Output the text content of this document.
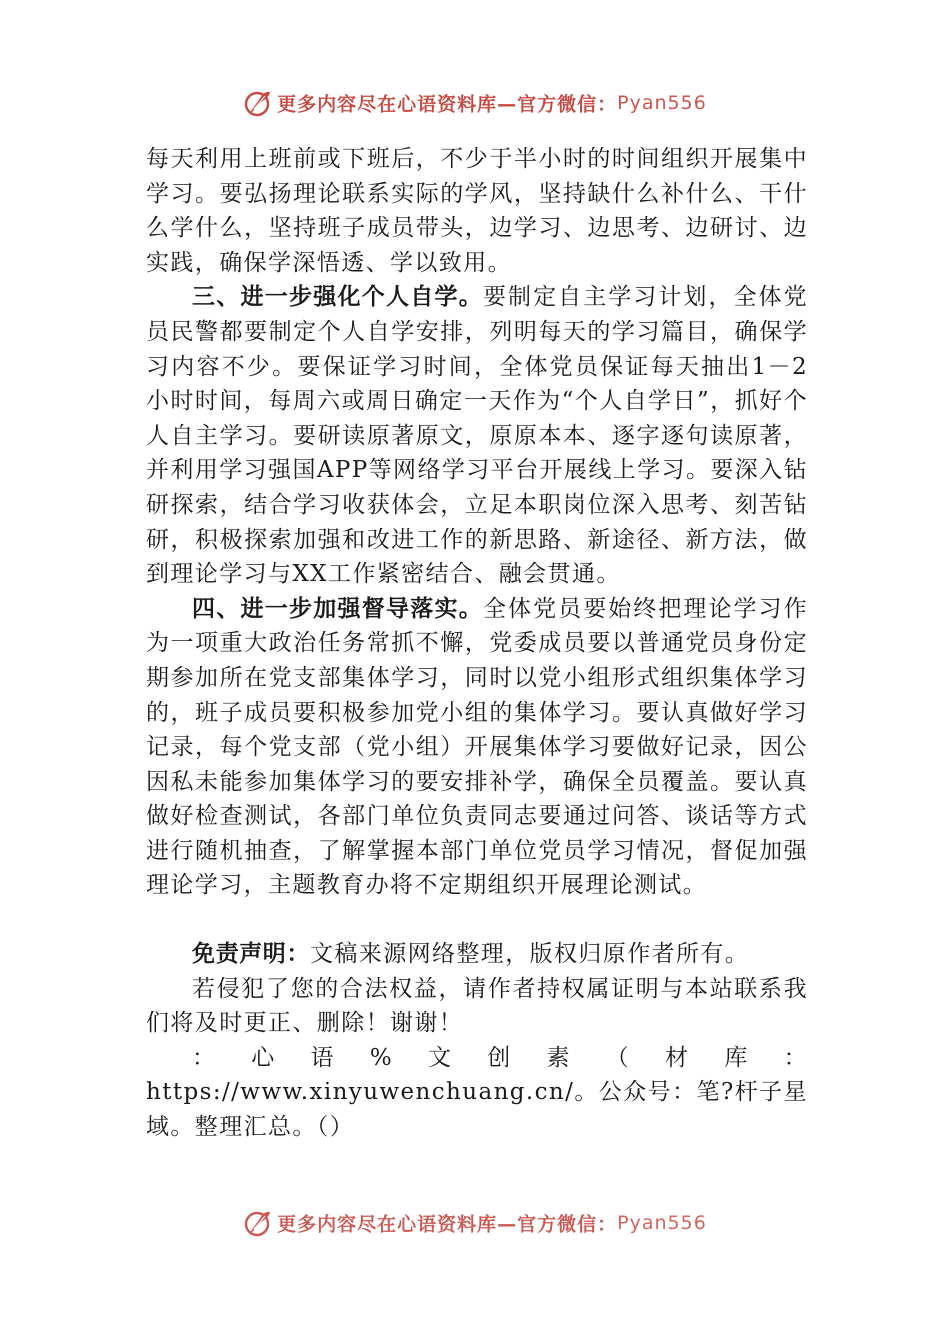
更多内容尽在心语资料库—官方微信：Pyan556

每天利用上班前或下班后，不少于半小时的时间组织开展集中学习。要弘扬理论联系实际的学风，坚持缺什么补什么、干什么学什么，坚持班子成员带头，边学习、边思考、边研讨、边实践，确保学深悟透、学以致用。

三、进一步强化个人自学。要制定自主学习计划，全体党员民警都要制定个人自学安排，列明每天的学习篇目，确保学习内容不少。要保证学习时间，全体党员保证每天抽出1－2小时时间，每周六或周日确定一天作为“个人自学日”，抓好个人自主学习。要研读原著原文，原原本本、逐字逐句读原著，并利用学习强国APP等网络学习平台开展线上学习。要深入钻研探索，结合学习收获体会，立足本职岗位深入思考、刻苦钻研，积极探索加强和改进工作的新思路、新途径、新方法，做到理论学习与XX工作紧密结合、融会贯通。

四、进一步加强督导落实。全体党员要始终把理论学习作为一项重大政治任务常抓不懈，党委成员要以普通党员身份定期参加所在党支部集体学习，同时以党小组形式组织集体学习的，班子成员要积极参加党小组的集体学习。要认真做好学习记录，每个党支部（党小组）开展集体学习要做好记录，因公因私未能参加集体学习的要安排补学，确保全员覆盖。要认真做好检查测试，各部门单位负责同志要通过问答、谈话等方式进行随机抽查，了解掌握本部门单位党员学习情况，督促加强理论学习，主题教育办将不定期组织开展理论测试。

免责声明：文稿来源网络整理，版权归原作者所有。

若侵犯了您的合法权益，请作者持权属证明与本站联系我们将及时更正、删除！谢谢！

：心语%文创素（材库：

https://www.xinyuwenchuang.cn/。公众号：笔?杆子星域。整理汇总。（）

更多内容尽在心语资料库—官方微信：Pyan556
